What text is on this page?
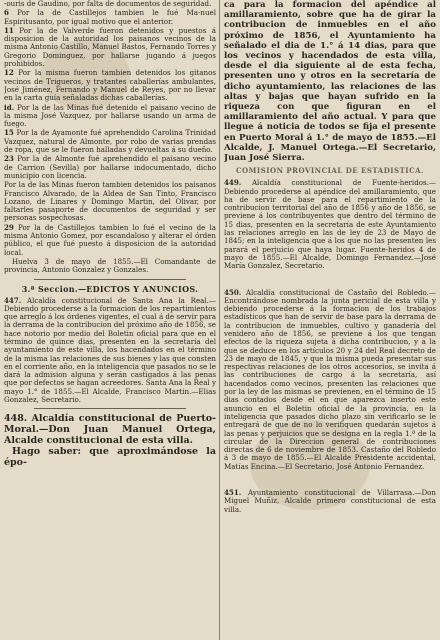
-ouris de Gaudino, por falta de documentos de seguridad.
6 Por la de Castillejos tambien le fué Ma-nuel Espiritusanto, por igual motivo que el anterior.
11 Por la de Valverde fueron detenidos y puestos á disposicion de la autoridad los paisanos vecinos de la misma Antonio Castillo, Manuel Bastos, Fernando Torres y Gregorio Dominguez, por hallarse jugando á juegos prohibidos.
12 Por la misma fueron tambien detenidos los gitanos vecinos de Trigueros, y tratantes caballerías ambulantes, José Jiménez, Fernando y Manuel de Reyes, por no llevar en la carta guía señaladas dichas caballerías.
id. Por la de las Minas fué detenido el paisano vecino de la misma José Vazquez, por hallarse usando un arma de fuego.
15 Por la de Ayamonte fué aprehendido Carolina Trinidad Vazquez, natural de Almonte, por robo de varias prendas de ropa, que se le fueron halladas y devueltas á su dueño.
23 Por la de Almonte fué aprehendido el paisano vecino de Carrion (Sevilla) por hallarse indocumentado, dicho municipio con licencia.
Por la de las Minas fueron tambien detenidos los paisanos Francisco Alvarado, de la Aldea de San Tinto, Francisco Lozano, de Linares y Domingo Martin, del Olivar, por faltarles pasaporte de documentos de seguridad y ser personas sospechosas.
29 Por la de Castillejos tambien lo fué el vecino de la misma Antonio Gomez, por escandaloso y alterar el órden público, el que fué puesto á disposicion de la autoridad local.
Huelva 3 de mayo de 1855.—El Comandante de provincia, Antonio Gonzalez y Gonzales.
3.ª Seccion.—EDICTOS Y ANUNCIOS.

447. Alcaldía constitucional de Santa Ana la Real.—Debiendo procederse á la formacion de los repartimientos que arreglo á los órdenes vigentes, el cual á de servir para la derrama de la contribucion del próximo año de 1856, se hace notorio por medio del Boletin oficial para que en el término de quince dias, presenten en la secretaría del ayuntamiento de este villa, los hacendados en el término de la misma las relaciones de sus bienes y las que consten en el corriente año, en la inteligencia que pasados no se le dará la admision alguna y serán castigados á las penas que por defectos se hagan acreedores. Santa Ana la Real y mayo 1.° de 1855.—El Alcalde, Francisco Martin.—Elias Gonzalez, Secretario.

448. Alcaldía constitucional de Puerto-Moral.—Don Juan Manuel Ortega, Alcalde constitucional de esta villa.

Hago saber: que aproximándose la épo-

ca para la formacion del apéndice al amillaramiento, sobre que ha de girar la contribucion de inmuebles en el año próximo de 1856, el Ayuntamiento ha señalado el dia de 1.° á 14 dias, para que los vecinos y hacendados de esta villa, desde el dia siguiente al de esta fecha, presenten uno y otros en la secretaría de dicho ayuntamiento, las relaciones de las altas y bajas que hayan sufrido en la riqueza con que figuran en el amillaramiento del año actual. Y para que llegue á noticia de todos se fija el presente en Puerto Moral á 1.° de mayo de 1855.—El Alcalde, J. Manuel Ortega.—El Secretario, Juan José Sierra.
COMISION PROVINCIAL DE ESTADISTICA.

449. Alcaldía constitucional de Fuente-heridos.—Debiendo procederse al apéndice del amillaramiento, que ha de servir de base para el repartimiento de la contribucion territorial del año de 1856 y año de 1856, se previene á los contribuyentes que dentro del término de 15 dias, presenten en la secretaría de este Ayuntamiento las relaciones arreglo en las de ley de 23 de Mayo de 1845; en la inteligencia que á los que no las presenten les parará el perjuicio que haya lugar. Fuente-heridos 4 de mayo de 1855.—El Alcalde, Domingo Fernandez.—José María Gonzalez, Secretario.

450. Alcaldía constitucional de Castaño del Robledo.—Encontrándose nombrada la junta pericial de esta villa y debiendo procederse á la formacion de los trabajos estadísticos que han de servir de base para la derrama de la contribucion de inmuebles, cultivo y ganadería del venidero año de 1856, se previene á los que tengan efectos de la riqueza sujeta á dicha contribucion, y a la que se deduce en los artículos 20 y 24 del Real decreto de 23 de mayo de 1845, y que la misma pueda presentar sus respectivas relaciones de los otros accesorios, se invita á las contribuciones de cargo á la secretaría, así hacendados como vecinos, presenten las relaciones que por la ley de las mismas se previenen, en el término de 15 dias contados desde el en que aparezca inserto este anuncio en el Boletin oficial de la provincia, en la inteligencia que pasados dicho plazo sin verificarlo se le entregará de que de no lo verifiquen quedarán sujetos á las penas y perjuicios que se designa en la regla 1.ª de la circular de la Direccion general de contribuciones directas de 6 de noviembre de 1853. Castaño del Robledo á 3 de mayo de 1855.—El Alcalde Presidente accidental, Matías Encina.—El Secretario, José Antonio Fernandez.

451. Ayuntamiento constitucional de Villarrasa.—Don Miguel Muñiz, Alcalde primero constitucional de esta villa.
